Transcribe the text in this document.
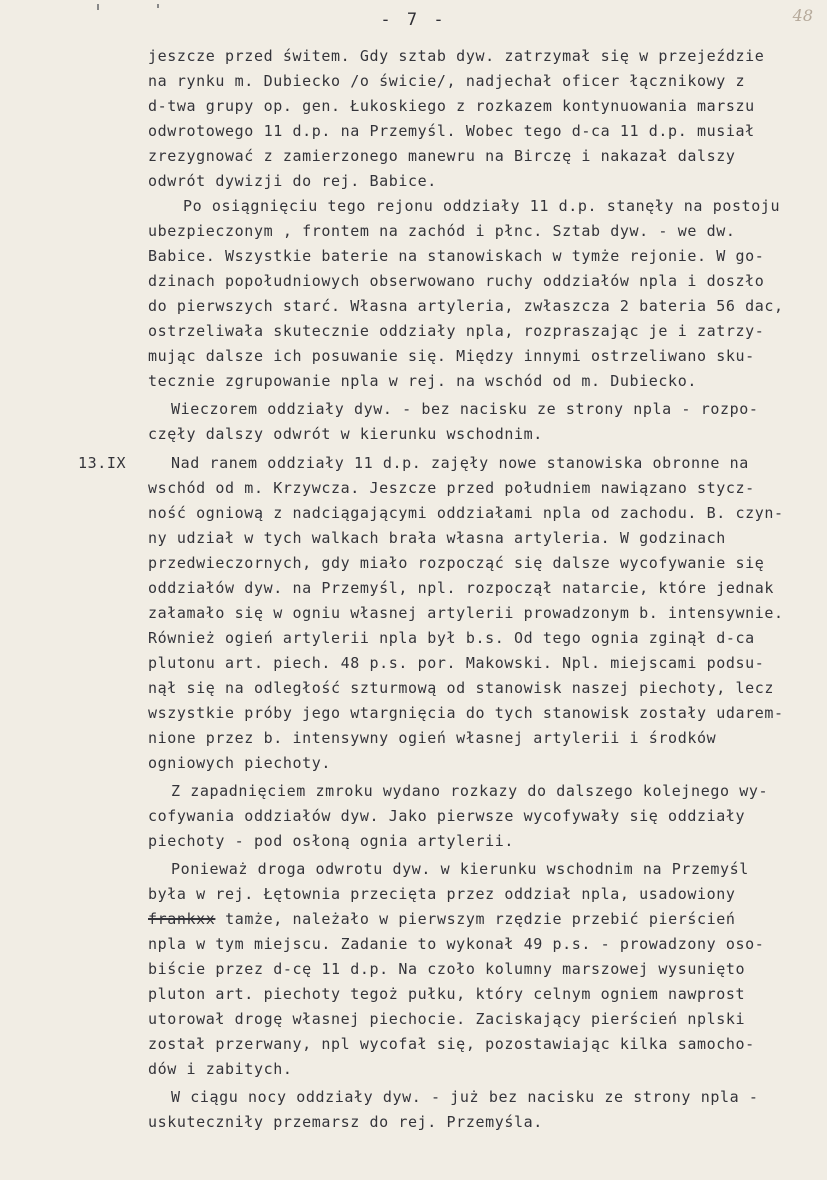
- 7 -	48
13.IX
jeszcze przed świtem. Gdy sztab dyw. zatrzymał się w przejeździe
na rynku m. Dubiecko /o świcie/, nadjechał oficer łącznikowy z
d-twa grupy op. gen. Łukoskiego z rozkazem kontynuowania marszu
odwrotowego 11 d.p. na Przemyśl. Wobec tego d-ca 11 d.p. musiał
zrezygnować z zamierzonego manewru na Birczę i nakazał dalszy
odwrót dywizji do rej. Babice.
Po osiągnięciu tego rejonu oddziały 11 d.p. stanęły na postoju
ubezpieczonym , frontem na zachód i płnc. Sztab dyw. - we dw.
Babice. Wszystkie baterie na stanowiskach w tymże rejonie. W go-
dzinach popołudniowych obserwowano ruchy oddziałów npla i doszło
do pierwszych starć. Własna artyleria, zwłaszcza 2 bateria 56 dac,
ostrzeliwała skutecznie oddziały npla, rozpraszając je i zatrzy-
mując dalsze ich posuwanie się. Między innymi ostrzeliwano sku-
tecznie zgrupowanie npla w rej. na wschód od m. Dubiecko.
Wieczorem oddziały dyw. - bez nacisku ze strony npla - rozpo-
częły dalszy odwrót w kierunku wschodnim.
Nad ranem oddziały 11 d.p. zajęły nowe stanowiska obronne na
wschód od m. Krzywcza. Jeszcze przed południem nawiązano stycz-
ność ogniową z nadciągającymi oddziałami npla od zachodu. B. czyn-
ny udział w tych walkach brała własna artyleria. W godzinach
przedwieczornych, gdy miało rozpocząć się dalsze wycofywanie się
oddziałów dyw. na Przemyśl, npl. rozpoczął natarcie, które jednak
załamało się w ogniu własnej artylerii prowadzonym b. intensywnie.
Również ogień artylerii npla był b.s. Od tego ognia zginął d-ca
plutonu art. piech. 48 p.s. por. Makowski. Npl. miejscami podsu-
nął się na odległość szturmową od stanowisk naszej piechoty, lecz
wszystkie próby jego wtargnięcia do tych stanowisk zostały udarem-
nione przez b. intensywny ogień własnej artylerii i środków
ogniowych piechoty.
Z zapadnięciem zmroku wydano rozkazy do dalszego kolejnego wy-
cofywania oddziałów dyw. Jako pierwsze wycofywały się oddziały
piechoty - pod osłoną ognia artylerii.
Ponieważ droga odwrotu dyw. w kierunku wschodnim na Przemyśl
była w rej. Łętownia przecięta przez oddział npla, usadowiony
frankxx tamże, należało w pierwszym rzędzie przebić pierścień
npla w tym miejscu. Zadanie to wykonał 49 p.s. - prowadzony oso-
biście przez d-cę 11 d.p. Na czoło kolumny marszowej wysunięto
pluton art. piechoty tegoż pułku, który celnym ogniem nawprost
utorował drogę własnej piechocie. Zaciskający pierścień nplski
został przerwany, npl wycofał się, pozostawiając kilka samocho-
dów i zabitych.
W ciągu nocy oddziały dyw. - już bez nacisku ze strony npla -
uskuteczniły przemarsz do rej. Przemyśla.
